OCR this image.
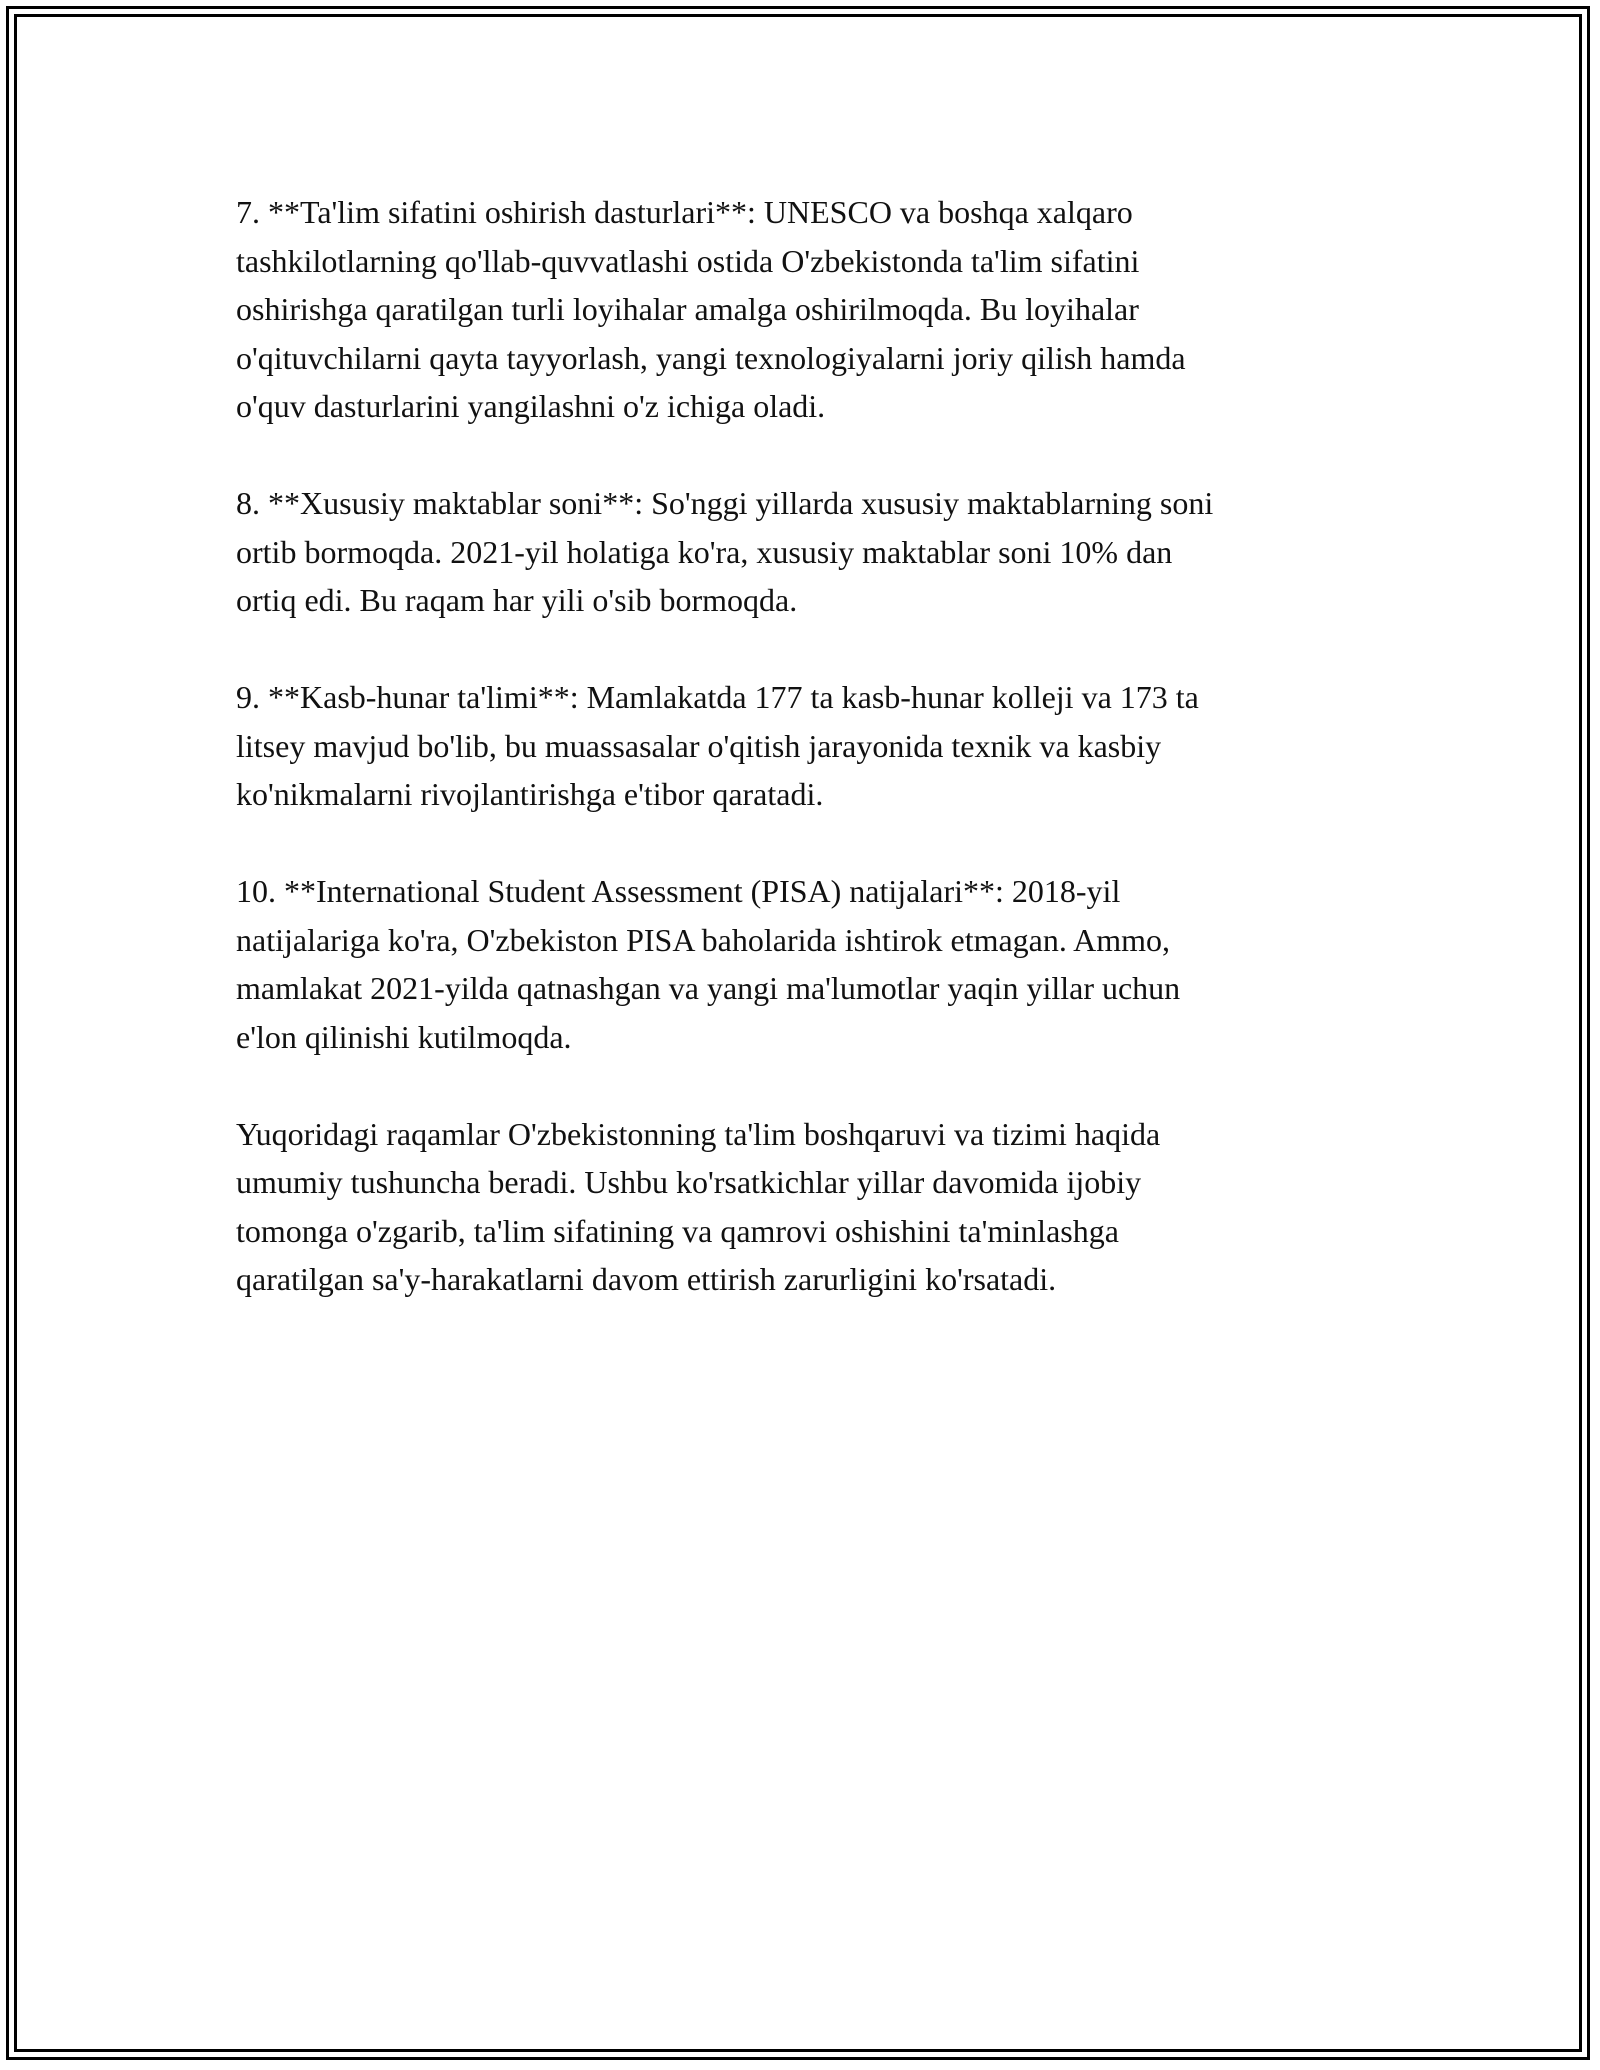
7. **Ta'lim sifatini oshirish dasturlari**: UNESCO va boshqa xalqaro
tashkilotlarning qo'llab-quvvatlashi ostida O'zbekistonda ta'lim sifatini
oshirishga qaratilgan turli loyihalar amalga oshirilmoqda. Bu loyihalar
o'qituvchilarni qayta tayyorlash, yangi texnologiyalarni joriy qilish hamda
o'quv dasturlarini yangilashni o'z ichiga oladi.

8. **Xususiy maktablar soni**: So'nggi yillarda xususiy maktablarning soni
ortib bormoqda. 2021-yil holatiga ko'ra, xususiy maktablar soni 10% dan
ortiq edi. Bu raqam har yili o'sib bormoqda.

9. **Kasb-hunar ta'limi**: Mamlakatda 177 ta kasb-hunar kolleji va 173 ta
litsey mavjud bo'lib, bu muassasalar o'qitish jarayonida texnik va kasbiy
ko'nikmalarni rivojlantirishga e'tibor qaratadi.

10. **International Student Assessment (PISA) natijalari**: 2018-yil
natijalariga ko'ra, O'zbekiston PISA baholarida ishtirok etmagan. Ammo,
mamlakat 2021-yilda qatnashgan va yangi ma'lumotlar yaqin yillar uchun
e'lon qilinishi kutilmoqda.

Yuqoridagi raqamlar O'zbekistonning ta'lim boshqaruvi va tizimi haqida
umumiy tushuncha beradi. Ushbu ko'rsatkichlar yillar davomida ijobiy
tomonga o'zgarib, ta'lim sifatining va qamrovi oshishini ta'minlashga
qaratilgan sa'y-harakatlarni davom ettirish zarurligini ko'rsatadi.
